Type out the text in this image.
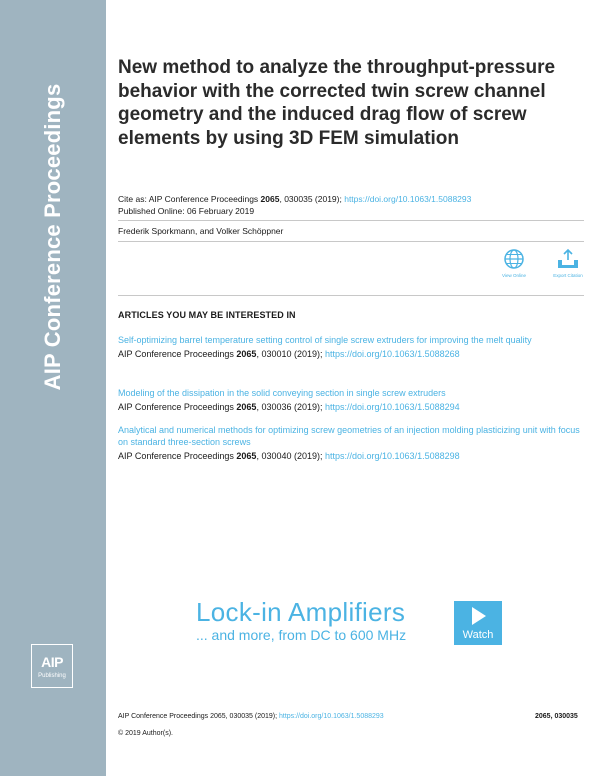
AIP Conference Proceedings
AIP
Publishing
New method to analyze the throughput-pressure behavior with the corrected twin screw channel geometry and the induced drag flow of screw elements by using 3D FEM simulation
Cite as: AIP Conference Proceedings 2065, 030035 (2019); https://doi.org/10.1063/1.5088293
Published Online: 06 February 2019
Frederik Sporkmann, and Volker Schöppner
View Online	Export Citation
ARTICLES YOU MAY BE INTERESTED IN
Self-optimizing barrel temperature setting control of single screw extruders for improving the melt quality
AIP Conference Proceedings 2065, 030010 (2019); https://doi.org/10.1063/1.5088268
Modeling of the dissipation in the solid conveying section in single screw extruders
AIP Conference Proceedings 2065, 030036 (2019); https://doi.org/10.1063/1.5088294
Analytical and numerical methods for optimizing screw geometries of an injection molding plasticizing unit with focus on standard three-section screws
AIP Conference Proceedings 2065, 030040 (2019); https://doi.org/10.1063/1.5088298
Lock-in Amplifiers
... and more, from DC to 600 MHz	Watch
AIP Conference Proceedings 2065, 030035 (2019); https://doi.org/10.1063/1.5088293	2065, 030035
© 2019 Author(s).
